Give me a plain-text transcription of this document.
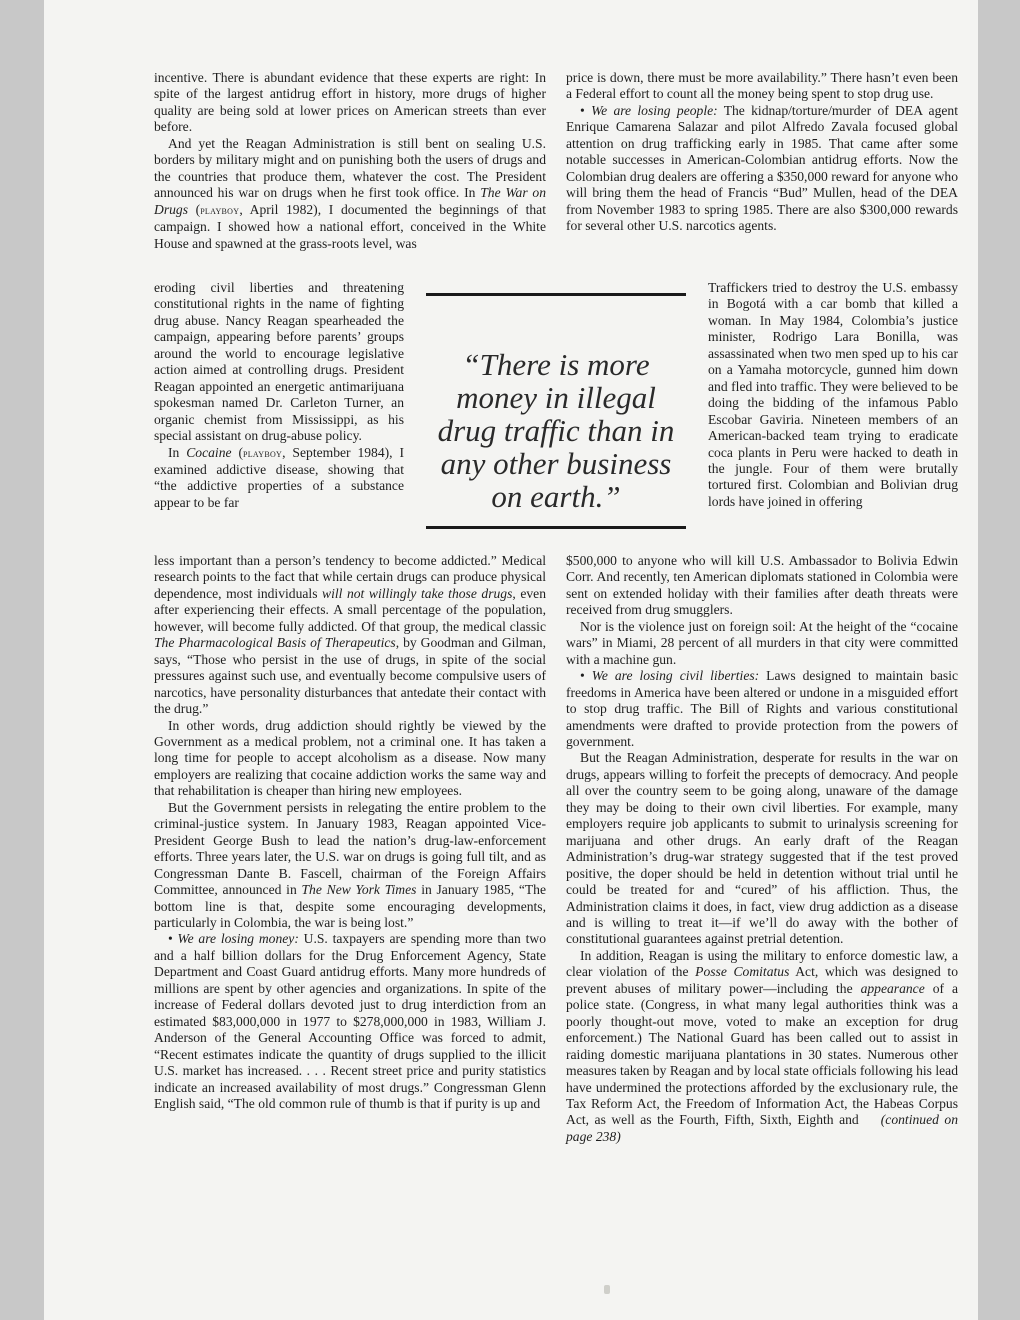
incentive. There is abundant evidence that these experts are right: In spite of the largest antidrug effort in history, more drugs of higher quality are being sold at lower prices on American streets than ever before.

And yet the Reagan Administration is still bent on sealing U.S. borders by military might and on punishing both the users of drugs and the countries that produce them, whatever the cost. The President announced his war on drugs when he first took office. In The War on Drugs (playboy, April 1982), I documented the beginnings of that campaign. I showed how a national effort, conceived in the White House and spawned at the grass-roots level, was

eroding civil liberties and threatening constitutional rights in the name of fighting drug abuse. Nancy Reagan spearheaded the campaign, appearing before parents’ groups around the world to encourage legislative action aimed at controlling drugs. President Reagan appointed an energetic antimarijuana spokesman named Dr. Carleton Turner, an organic chemist from Mississippi, as his special assistant on drug-abuse policy.

In Cocaine (playboy, September 1984), I examined addictive disease, showing that “the addictive properties of a substance appear to be far

less important than a person’s tendency to become addicted.” Medical research points to the fact that while certain drugs can produce physical dependence, most individuals will not willingly take those drugs, even after experiencing their effects. A small percentage of the population, however, will become fully addicted. Of that group, the medical classic The Pharmacological Basis of Therapeutics, by Goodman and Gilman, says, “Those who persist in the use of drugs, in spite of the social pressures against such use, and eventually become compulsive users of narcotics, have personality disturbances that antedate their contact with the drug.”

In other words, drug addiction should rightly be viewed by the Government as a medical problem, not a criminal one. It has taken a long time for people to accept alcoholism as a disease. Now many employers are realizing that cocaine addiction works the same way and that rehabilitation is cheaper than hiring new employees.

But the Government persists in relegating the entire problem to the criminal-justice system. In January 1983, Reagan appointed Vice-President George Bush to lead the nation’s drug-law-enforcement efforts. Three years later, the U.S. war on drugs is going full tilt, and as Congressman Dante B. Fascell, chairman of the Foreign Affairs Committee, announced in The New York Times in January 1985, “The bottom line is that, despite some encouraging developments, particularly in Colombia, the war is being lost.”

• We are losing money: U.S. taxpayers are spending more than two and a half billion dollars for the Drug Enforcement Agency, State Department and Coast Guard antidrug efforts. Many more hundreds of millions are spent by other agencies and organizations. In spite of the increase of Federal dollars devoted just to drug interdiction from an estimated $83,000,000 in 1977 to $278,000,000 in 1983, William J. Anderson of the General Accounting Office was forced to admit, “Recent estimates indicate the quantity of drugs supplied to the illicit U.S. market has increased. . . . Recent street price and purity statistics indicate an increased availability of most drugs.” Congressman Glenn English said, “The old common rule of thumb is that if purity is up and

price is down, there must be more availability.” There hasn’t even been a Federal effort to count all the money being spent to stop drug use.

• We are losing people: The kidnap/torture/murder of DEA agent Enrique Camarena Salazar and pilot Alfredo Zavala focused global attention on drug trafficking early in 1985. That came after some notable successes in American-Colombian antidrug efforts. Now the Colombian drug dealers are offering a $350,000 reward for anyone who will bring them the head of Francis “Bud” Mullen, head of the DEA from November 1983 to spring 1985. There are also $300,000 rewards for several other U.S. narcotics agents.

Traffickers tried to destroy the U.S. embassy in Bogotá with a car bomb that killed a woman. In May 1984, Colombia’s justice minister, Rodrigo Lara Bonilla, was assassinated when two men sped up to his car on a Yamaha motorcycle, gunned him down and fled into traffic. They were believed to be doing the bidding of the infamous Pablo Escobar Gaviria. Nineteen members of an American-backed team trying to eradicate coca plants in Peru were hacked to death in the jungle. Four of them were brutally tortured first. Colombian and Bolivian drug lords have joined in offering

$500,000 to anyone who will kill U.S. Ambassador to Bolivia Edwin Corr. And recently, ten American diplomats stationed in Colombia were sent on extended holiday with their families after death threats were received from drug smugglers.

Nor is the violence just on foreign soil: At the height of the “cocaine wars” in Miami, 28 percent of all murders in that city were committed with a machine gun.

• We are losing civil liberties: Laws designed to maintain basic freedoms in America have been altered or undone in a misguided effort to stop drug traffic. The Bill of Rights and various constitutional amendments were drafted to provide protection from the powers of government.

But the Reagan Administration, desperate for results in the war on drugs, appears willing to forfeit the precepts of democracy. And people all over the country seem to be going along, unaware of the damage they may be doing to their own civil liberties. For example, many employers require job applicants to submit to urinalysis screening for marijuana and other drugs. An early draft of the Reagan Administration’s drug-war strategy suggested that if the test proved positive, the doper should be held in detention without trial until he could be treated for and “cured” of his affliction. Thus, the Administration claims it does, in fact, view drug addiction as a disease and is willing to treat it—if we’ll do away with the bother of constitutional guarantees against pretrial detention.

In addition, Reagan is using the military to enforce domestic law, a clear violation of the Posse Comitatus Act, which was designed to prevent abuses of military power—including the appearance of a police state. (Congress, in what many legal authorities think was a poorly thought-out move, voted to make an exception for drug enforcement.) The National Guard has been called out to assist in raiding domestic marijuana plantations in 30 states. Numerous other measures taken by Reagan and by local state officials following his lead have undermined the protections afforded by the exclusionary rule, the Tax Reform Act, the Freedom of Information Act, the Habeas Corpus Act, as well as the Fourth, Fifth, Sixth, Eighth and (continued on page 238)

“There is more money in illegal drug traffic than in any other business on earth.”
